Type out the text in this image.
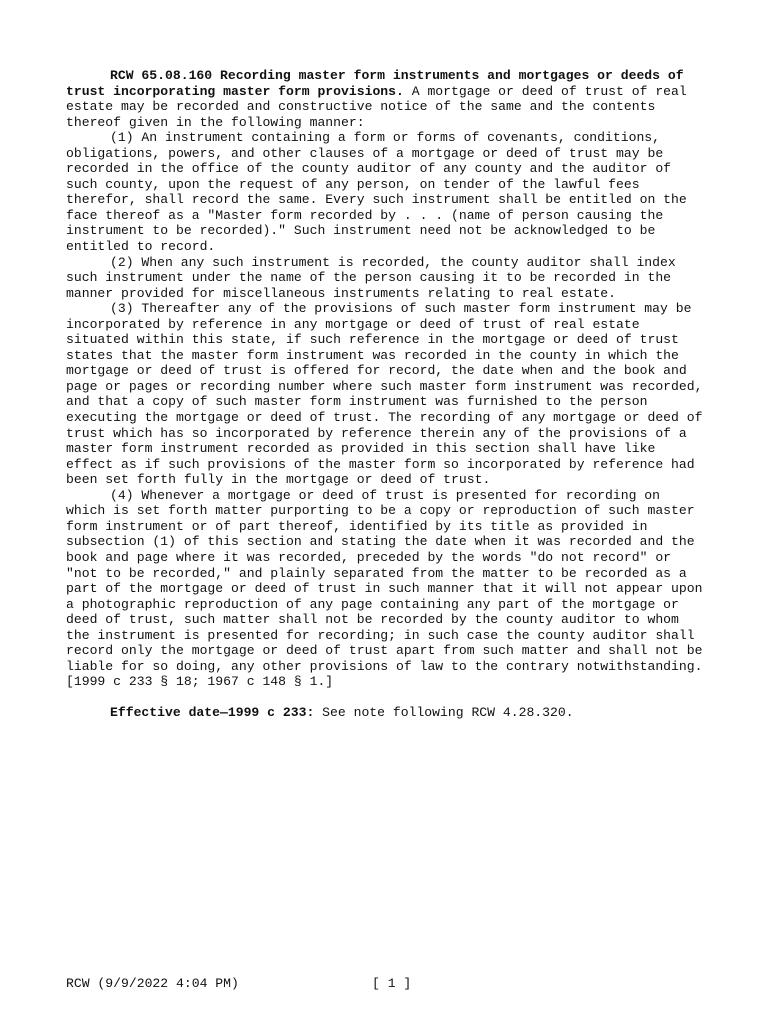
RCW 65.08.160 Recording master form instruments and mortgages or deeds of trust incorporating master form provisions. A mortgage or deed of trust of real estate may be recorded and constructive notice of the same and the contents thereof given in the following manner:

(1) An instrument containing a form or forms of covenants, conditions, obligations, powers, and other clauses of a mortgage or deed of trust may be recorded in the office of the county auditor of any county and the auditor of such county, upon the request of any person, on tender of the lawful fees therefor, shall record the same. Every such instrument shall be entitled on the face thereof as a "Master form recorded by . . . (name of person causing the instrument to be recorded)." Such instrument need not be acknowledged to be entitled to record.

(2) When any such instrument is recorded, the county auditor shall index such instrument under the name of the person causing it to be recorded in the manner provided for miscellaneous instruments relating to real estate.

(3) Thereafter any of the provisions of such master form instrument may be incorporated by reference in any mortgage or deed of trust of real estate situated within this state, if such reference in the mortgage or deed of trust states that the master form instrument was recorded in the county in which the mortgage or deed of trust is offered for record, the date when and the book and page or pages or recording number where such master form instrument was recorded, and that a copy of such master form instrument was furnished to the person executing the mortgage or deed of trust. The recording of any mortgage or deed of trust which has so incorporated by reference therein any of the provisions of a master form instrument recorded as provided in this section shall have like effect as if such provisions of the master form so incorporated by reference had been set forth fully in the mortgage or deed of trust.

(4) Whenever a mortgage or deed of trust is presented for recording on which is set forth matter purporting to be a copy or reproduction of such master form instrument or of part thereof, identified by its title as provided in subsection (1) of this section and stating the date when it was recorded and the book and page where it was recorded, preceded by the words "do not record" or "not to be recorded," and plainly separated from the matter to be recorded as a part of the mortgage or deed of trust in such manner that it will not appear upon a photographic reproduction of any page containing any part of the mortgage or deed of trust, such matter shall not be recorded by the county auditor to whom the instrument is presented for recording; in such case the county auditor shall record only the mortgage or deed of trust apart from such matter and shall not be liable for so doing, any other provisions of law to the contrary notwithstanding. [1999 c 233 § 18; 1967 c 148 § 1.]

Effective date—1999 c 233: See note following RCW 4.28.320.

RCW (9/9/2022 4:04 PM)	[ 1 ]
